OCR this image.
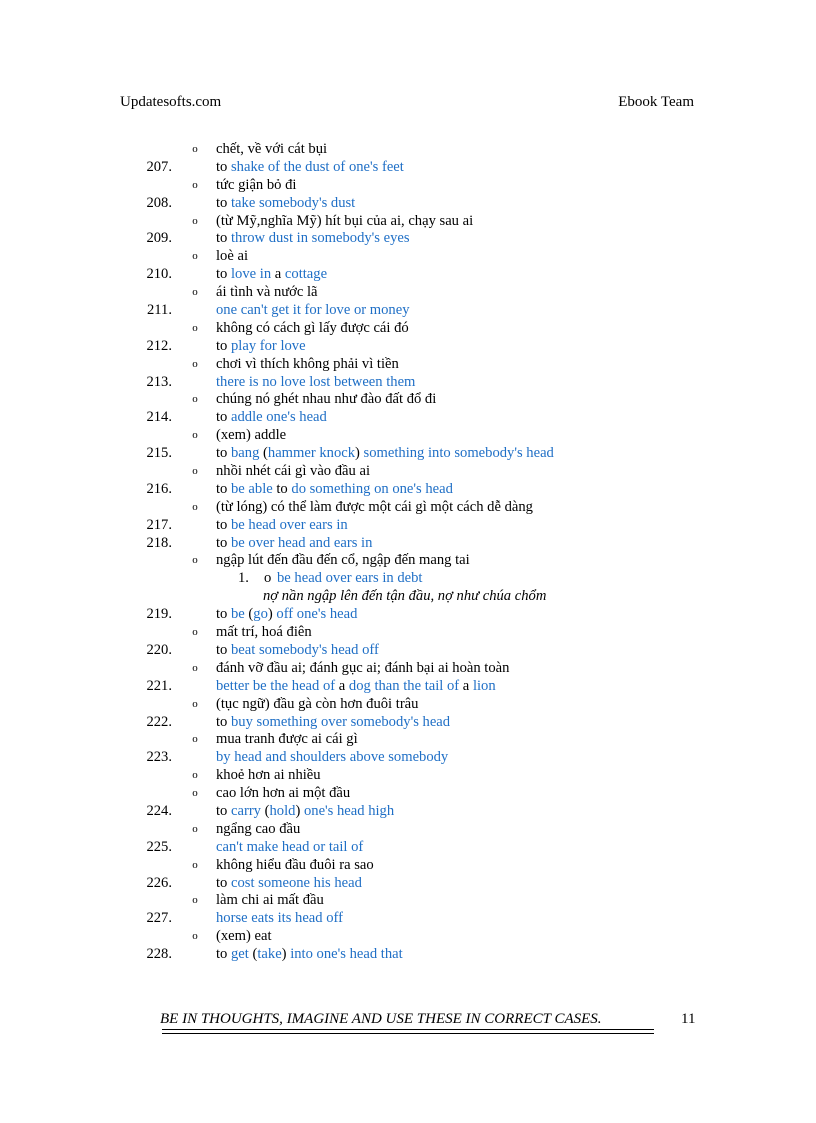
Updatesofts.com	Ebook Team
o chết, về với cát bụi
207.	to shake of the dust of one's feet
o tức giận bỏ đi
208.	to take somebody's dust
o (từ Mỹ,nghĩa Mỹ) hít bụi của ai, chạy sau ai
209.	to throw dust in somebody's eyes
o loè ai
210.	to love in a cottage
o ái tình và nước lã
211.	one can't get it for love or money
o không có cách gì lấy được cái đó
212.	to play for love
o chơi vì thích không phải vì tiền
213.	there is no love lost between them
o chúng nó ghét nhau như đào đất đổ đi
214.	to addle one's head
o (xem) addle
215.	to bang (hammer knock) something into somebody's head
o nhồi nhét cái gì vào đầu ai
216.	to be able to do something on one's head
o (từ lóng) có thể làm được một cái gì một cách dễ dàng
217.	to be head over ears in
218.	to be over head and ears in
o ngập lút đến đầu đến cổ, ngập đến mang tai
1. o be head over ears in debt
nợ nần ngập lên đến tận đầu, nợ như chúa chổm
219.	to be (go) off one's head
o mất trí, hoá điên
220.	to beat somebody's head off
o đánh vỡ đầu ai; đánh gục ai; đánh bại ai hoàn toàn
221.	better be the head of a dog than the tail of a lion
o (tục ngữ) đầu gà còn hơn đuôi trâu
222.	to buy something over somebody's head
o mua tranh được ai cái gì
223.	by head and shoulders above somebody
o khoẻ hơn ai nhiều
o cao lớn hơn ai một đầu
224.	to carry (hold) one's head high
o ngẩng cao đầu
225.	can't make head or tail of
o không hiểu đầu đuôi ra sao
226.	to cost someone his head
o làm chi ai mất đầu
227.	horse eats its head off
o (xem) eat
228.	to get (take) into one's head that
BE IN THOUGHTS, IMAGINE AND USE THESE IN CORRECT CASES.	11
